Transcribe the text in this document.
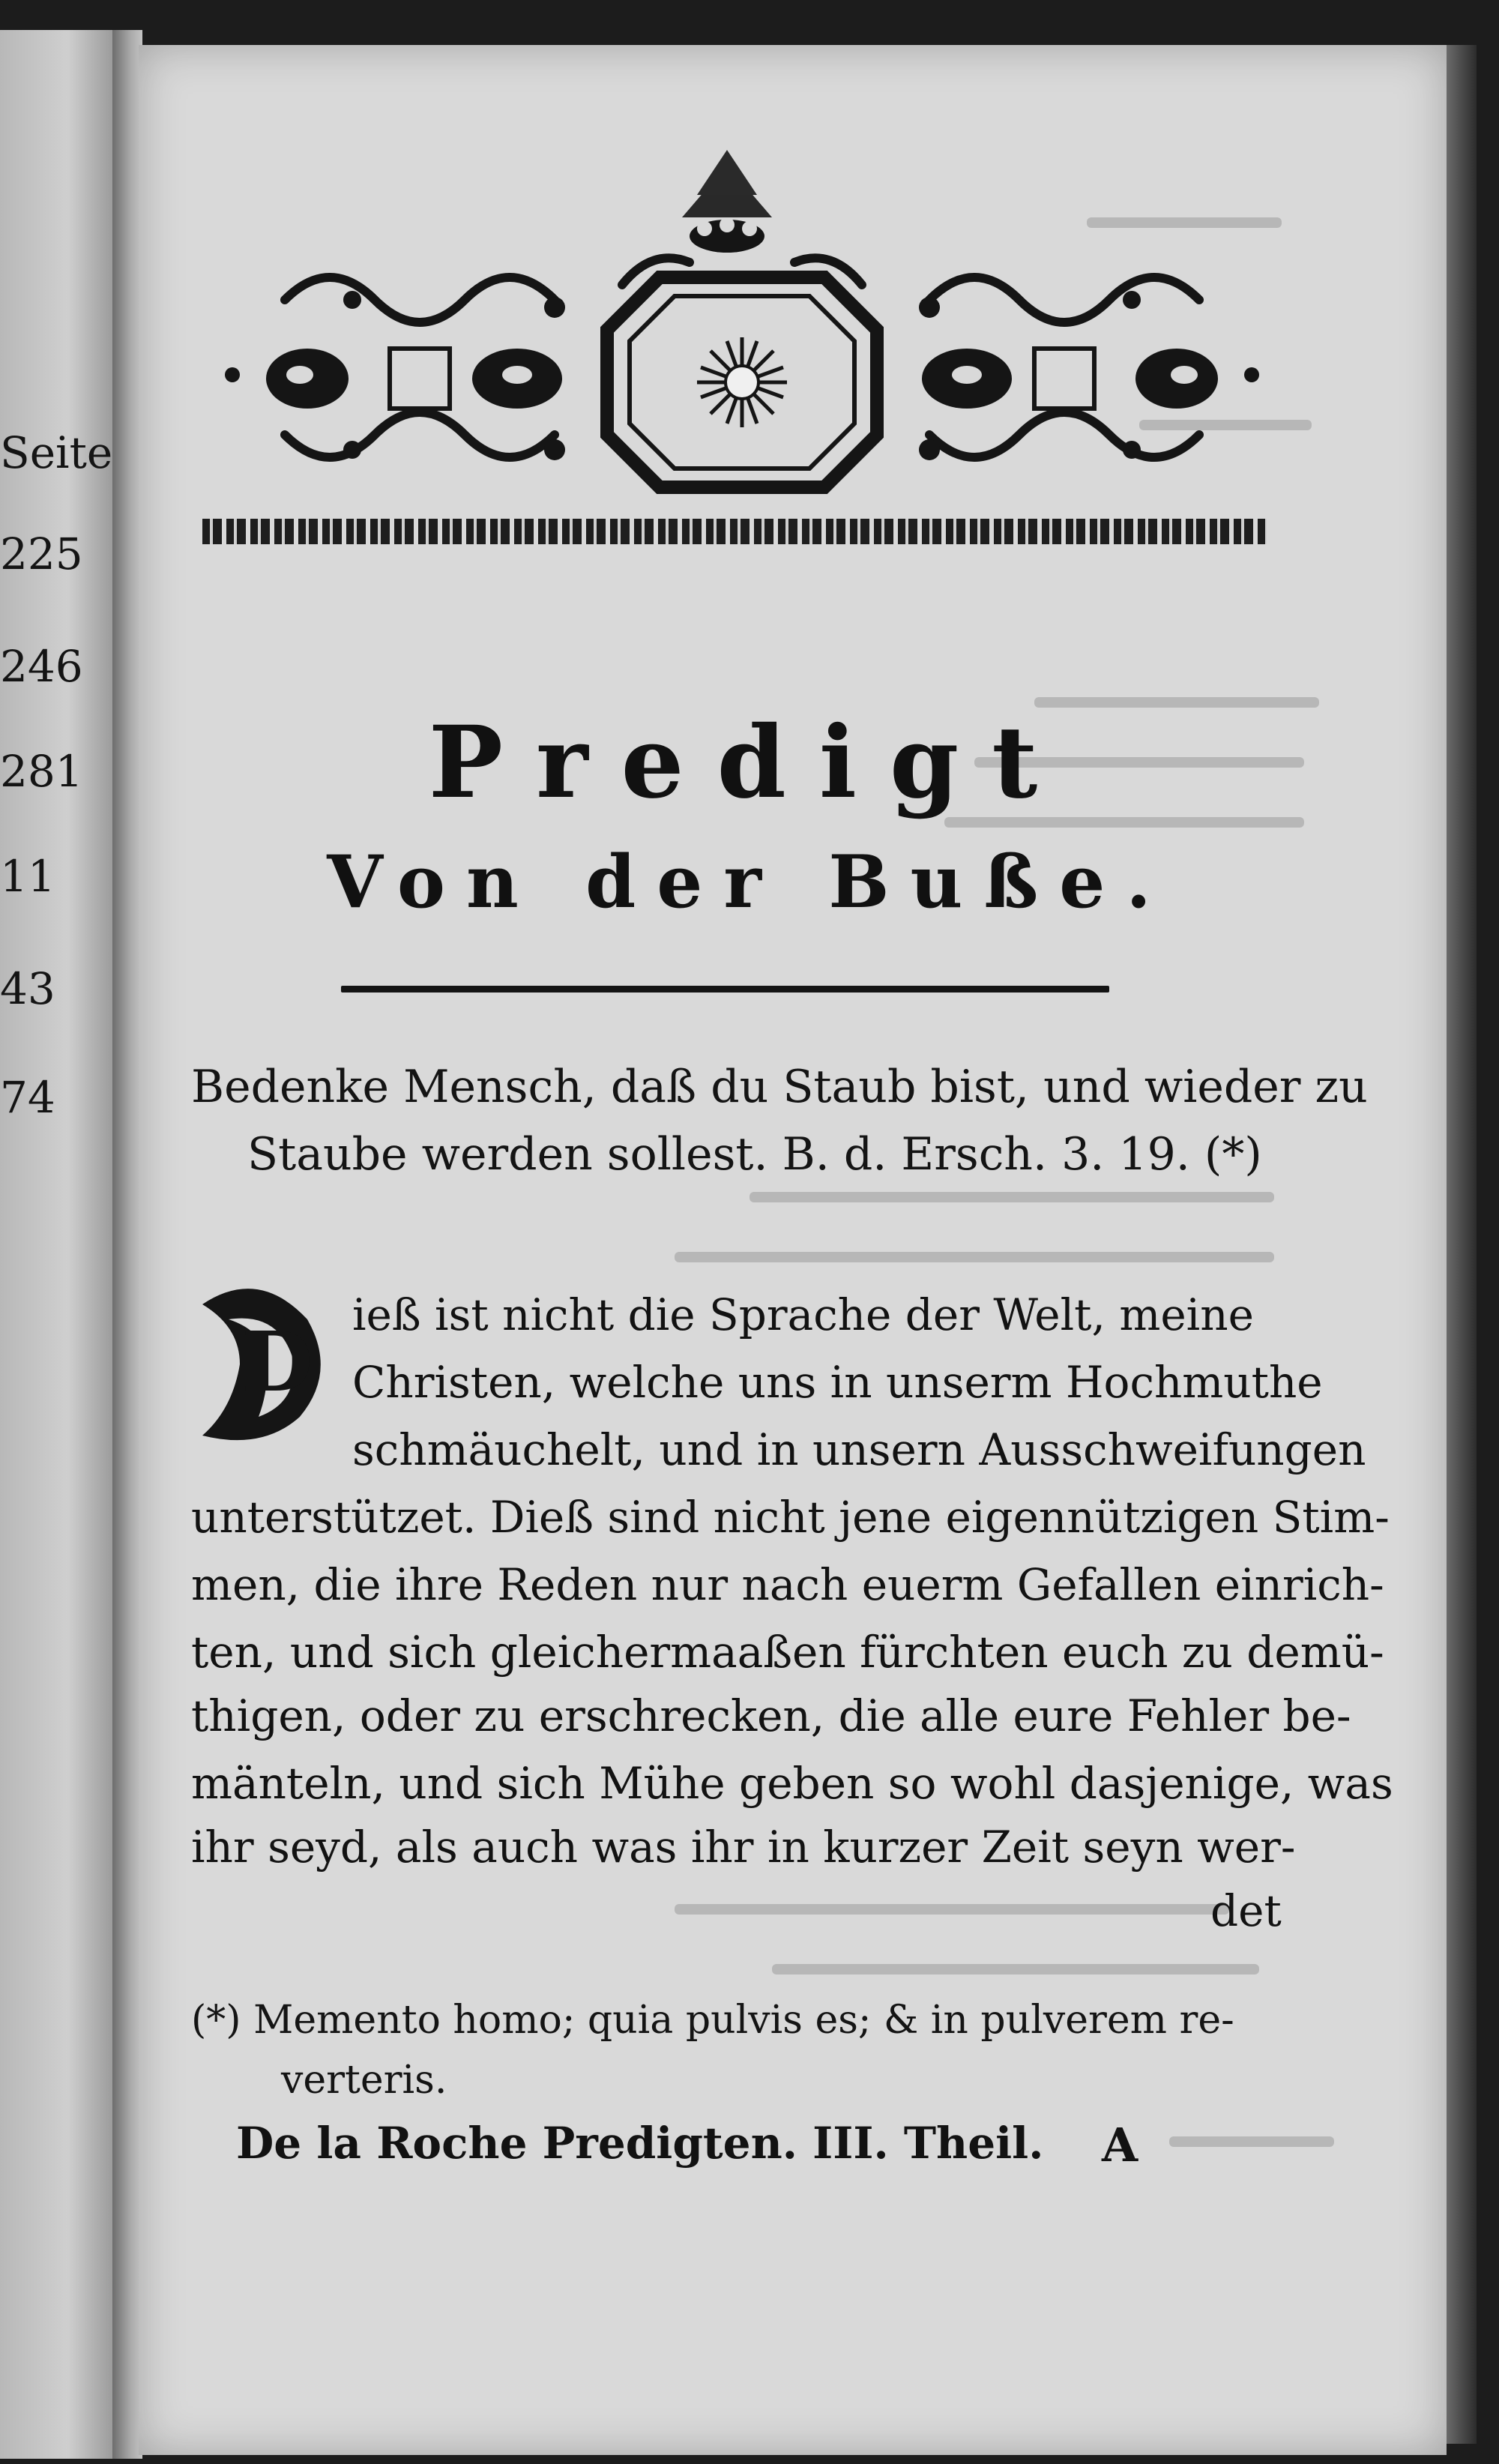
Seite
225
246
281
11
43
74
Predigt
Von der Buße.
Bedenke Mensch, daß du Staub bist, und wieder zu
Staube werden sollest. B. d. Ersch. 3. 19. (*)
D ieß ist nicht die Sprache der Welt, meine
Christen, welche uns in unserm Hochmuthe
schmäuchelt, und in unsern Ausschweifungen
unterstützet. Dieß sind nicht jene eigennützigen Stim-
men, die ihre Reden nur nach euerm Gefallen einrich-
ten, und sich gleichermaaßen fürchten euch zu demü-
thigen, oder zu erschrecken, die alle eure Fehler be-
mänteln, und sich Mühe geben so wohl dasjenige, was
ihr seyd, als auch was ihr in kurzer Zeit seyn wer-
det
(*) Memento homo; quia pulvis es; & in pulverem re-
verteris.
De la Roche Predigten. III. Theil. A
